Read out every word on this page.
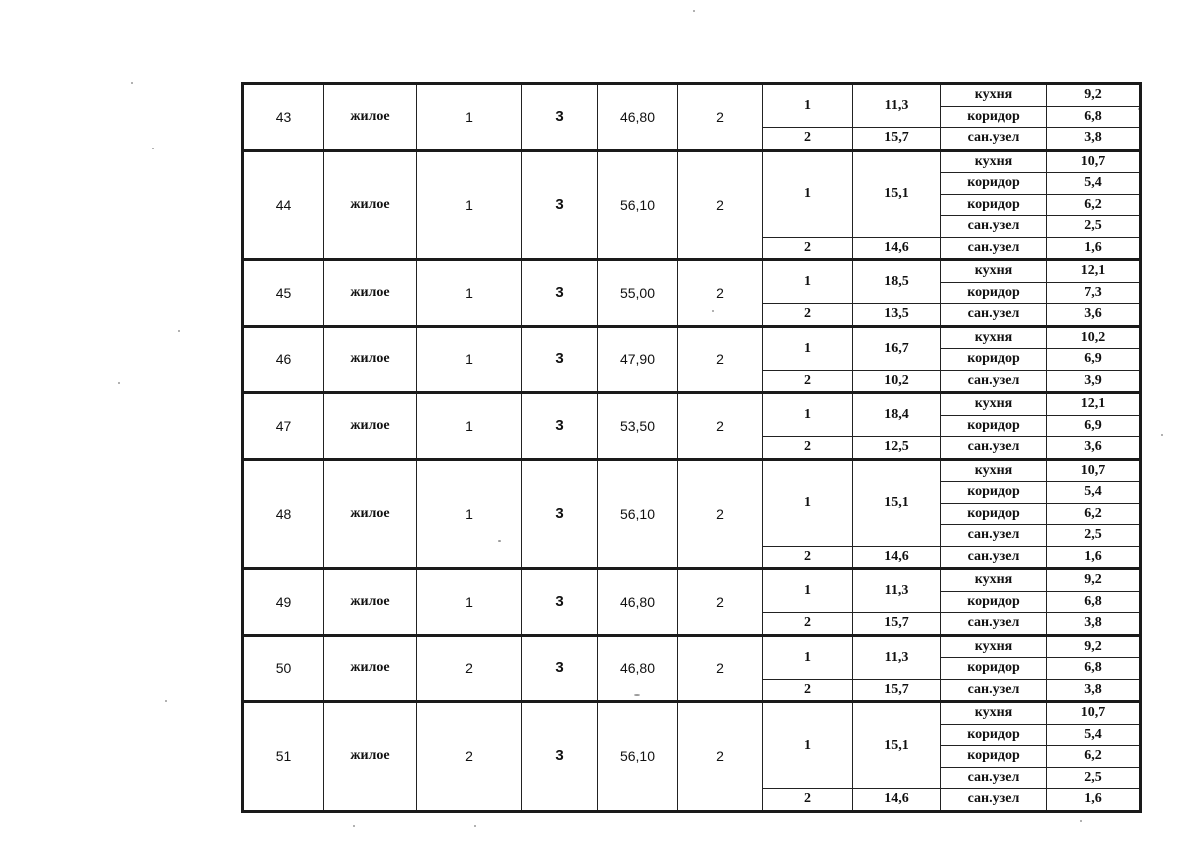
43	жилое	1	3	46,80	2	1	11,3	кухня	9,2
								коридор	6,8
						2	15,7	сан.узел	3,8
44	жилое	1	3	56,10	2	1	15,1	кухня	10,7
								коридор	5,4
								коридор	6,2
								сан.узел	2,5
						2	14,6	сан.узел	1,6
45	жилое	1	3	55,00	2	1	18,5	кухня	12,1
								коридор	7,3
						2	13,5	сан.узел	3,6
46	жилое	1	3	47,90	2	1	16,7	кухня	10,2
								коридор	6,9
						2	10,2	сан.узел	3,9
47	жилое	1	3	53,50	2	1	18,4	кухня	12,1
								коридор	6,9
						2	12,5	сан.узел	3,6
48	жилое	1	3	56,10	2	1	15,1	кухня	10,7
								коридор	5,4
								коридор	6,2
								сан.узел	2,5
						2	14,6	сан.узел	1,6
49	жилое	1	3	46,80	2	1	11,3	кухня	9,2
								коридор	6,8
						2	15,7	сан.узел	3,8
50	жилое	2	3	46,80	2	1	11,3	кухня	9,2
								коридор	6,8
						2	15,7	сан.узел	3,8
51	жилое	2	3	56,10	2	1	15,1	кухня	10,7
								коридор	5,4
								коридор	6,2
								сан.узел	2,5
						2	14,6	сан.узел	1,6
